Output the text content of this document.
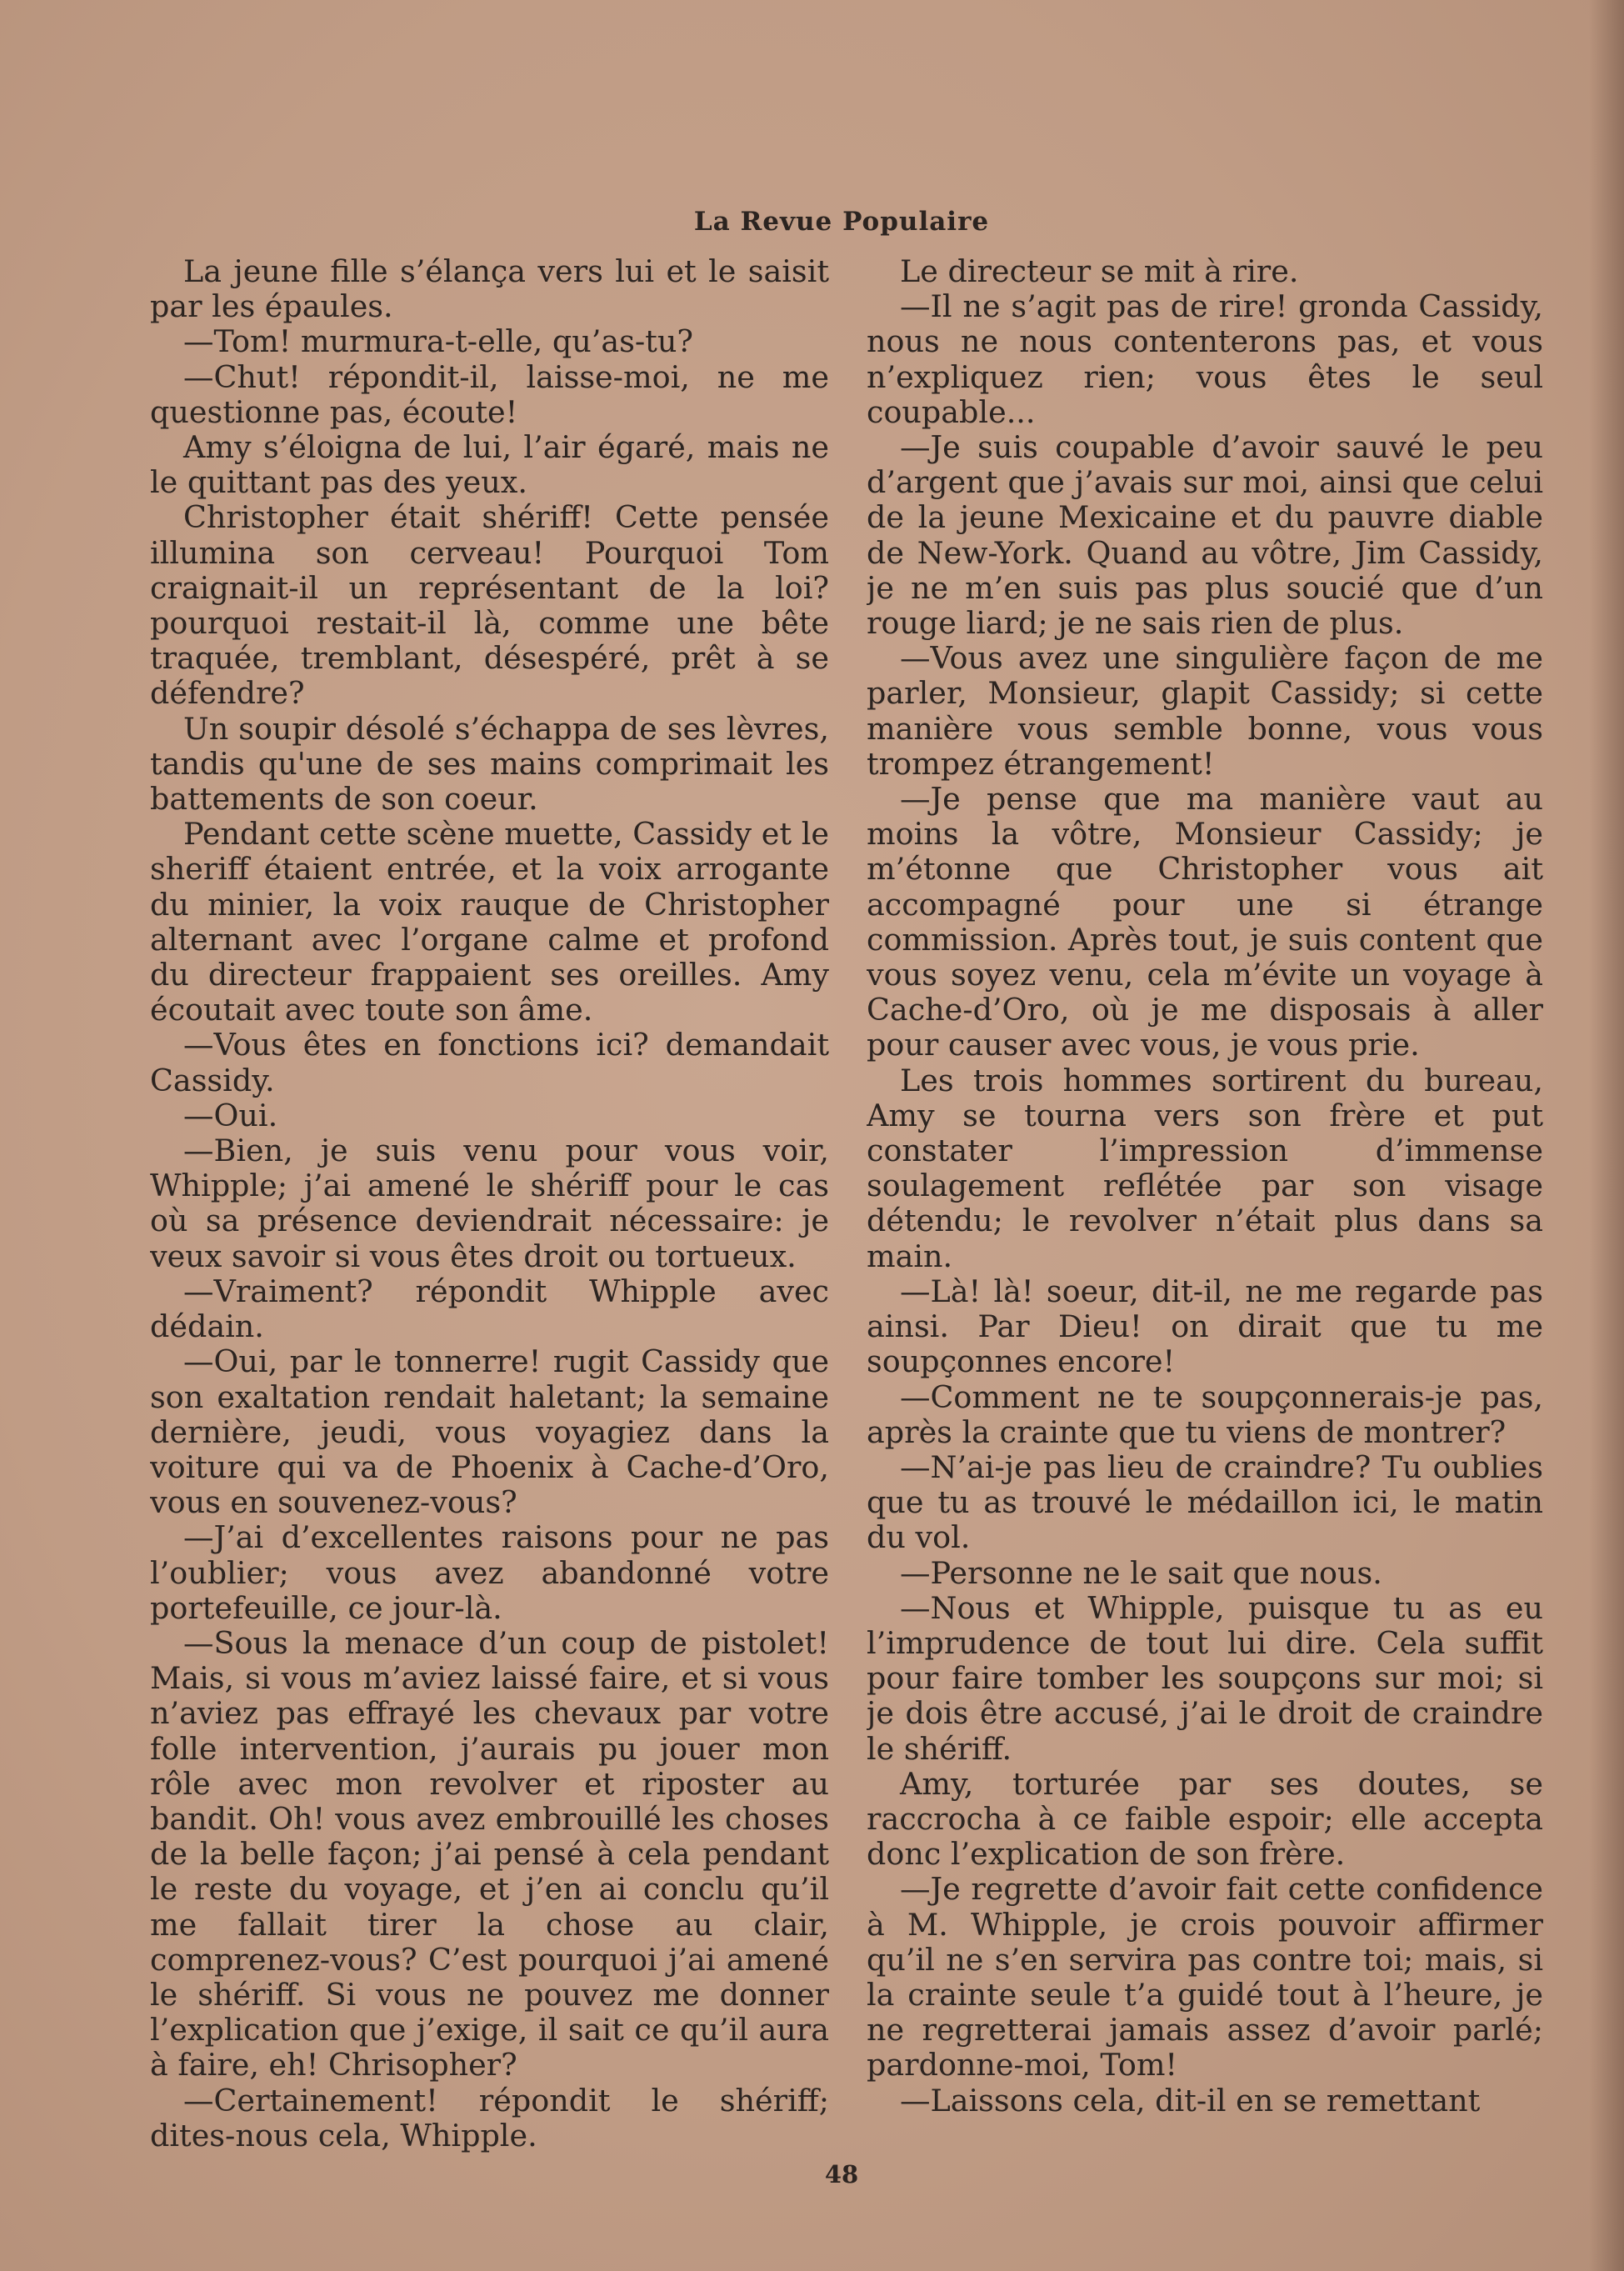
La Revue Populaire

La jeune fille s’élança vers lui et le saisit par les épaules.

—Tom! murmura-t-elle, qu’as-tu?

—Chut! répondit-il, laisse-moi, ne me questionne pas, écoute!

Amy s’éloigna de lui, l’air égaré, mais ne le quittant pas des yeux.

Christopher était shériff! Cette pensée illumina son cerveau! Pourquoi Tom craignait-il un représentant de la loi? pourquoi restait-il là, comme une bête traquée, tremblant, désespéré, prêt à se défendre?

Un soupir désolé s’échappa de ses lèvres, tandis qu'une de ses mains comprimait les battements de son coeur.

Pendant cette scène muette, Cassidy et le sheriff étaient entrée, et la voix arrogante du minier, la voix rauque de Christopher alternant avec l’organe calme et profond du directeur frappaient ses oreilles. Amy écoutait avec toute son âme.

—Vous êtes en fonctions ici? demandait Cassidy.

—Oui.

—Bien, je suis venu pour vous voir, Whipple; j’ai amené le shériff pour le cas où sa présence deviendrait nécessaire: je veux savoir si vous êtes droit ou tortueux.

—Vraiment? répondit Whipple avec dédain.

—Oui, par le tonnerre! rugit Cassidy que son exaltation rendait haletant; la semaine dernière, jeudi, vous voyagiez dans la voiture qui va de Phoenix à Cache-d’Oro, vous en souvenez-vous?

—J’ai d’excellentes raisons pour ne pas l’oublier; vous avez abandonné votre portefeuille, ce jour-là.

—Sous la menace d’un coup de pistolet! Mais, si vous m’aviez laissé faire, et si vous n’aviez pas effrayé les chevaux par votre folle intervention, j’aurais pu jouer mon rôle avec mon revolver et riposter au bandit. Oh! vous avez embrouillé les choses de la belle façon; j’ai pensé à cela pendant le reste du voyage, et j’en ai conclu qu’il me fallait tirer la chose au clair, comprenez-vous? C’est pourquoi j’ai amené le shériff. Si vous ne pouvez me donner l’explication que j’exige, il sait ce qu’il aura à faire, eh! Chrisopher?

—Certainement! répondit le shériff; dites-nous cela, Whipple.

Le directeur se mit à rire.

—Il ne s’agit pas de rire! gronda Cassidy, nous ne nous contenterons pas, et vous n’expliquez rien; vous êtes le seul coupable...

—Je suis coupable d’avoir sauvé le peu d’argent que j’avais sur moi, ainsi que celui de la jeune Mexicaine et du pauvre diable de New-York. Quand au vôtre, Jim Cassidy, je ne m’en suis pas plus soucié que d’un rouge liard; je ne sais rien de plus.

—Vous avez une singulière façon de me parler, Monsieur, glapit Cassidy; si cette manière vous semble bonne, vous vous trompez étrangement!

—Je pense que ma manière vaut au moins la vôtre, Monsieur Cassidy; je m’étonne que Christopher vous ait accompagné pour une si étrange commission. Après tout, je suis content que vous soyez venu, cela m’évite un voyage à Cache-d’Oro, où je me disposais à aller pour causer avec vous, je vous prie.

Les trois hommes sortirent du bureau, Amy se tourna vers son frère et put constater l’impression d’immense soulagement reflétée par son visage détendu; le revolver n’était plus dans sa main.

—Là! là! soeur, dit-il, ne me regarde pas ainsi. Par Dieu! on dirait que tu me soupçonnes encore!

—Comment ne te soupçonnerais-je pas, après la crainte que tu viens de montrer?

—N’ai-je pas lieu de craindre? Tu oublies que tu as trouvé le médaillon ici, le matin du vol.

—Personne ne le sait que nous.

—Nous et Whipple, puisque tu as eu l’imprudence de tout lui dire. Cela suffit pour faire tomber les soupçons sur moi; si je dois être accusé, j’ai le droit de craindre le shériff.

Amy, torturée par ses doutes, se raccrocha à ce faible espoir; elle accepta donc l’explication de son frère.

—Je regrette d’avoir fait cette confidence à M. Whipple, je crois pouvoir affirmer qu’il ne s’en servira pas contre toi; mais, si la crainte seule t’a guidé tout à l’heure, je ne regretterai jamais assez d’avoir parlé; pardonne-moi, Tom!

—Laissons cela, dit-il en se remettant

48
